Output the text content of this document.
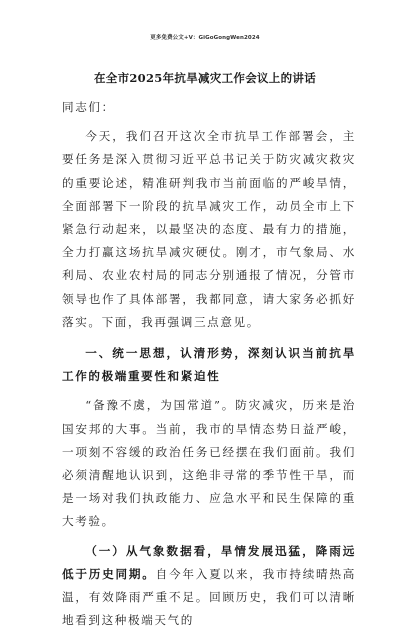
更多免费公文+V：GiGoGongWen2024
在全市2025年抗旱减灾工作会议上的讲话

同志们：

今天，我们召开这次全市抗旱工作部署会，主要任务是深入贯彻习近平总书记关于防灾减灾救灾的重要论述，精准研判我市当前面临的严峻旱情，全面部署下一阶段的抗旱减灾工作，动员全市上下紧急行动起来，以最坚决的态度、最有力的措施，全力打赢这场抗旱减灾硬仗。刚才，市气象局、水利局、农业农村局的同志分别通报了情况，分管市领导也作了具体部署，我都同意，请大家务必抓好落实。下面，我再强调三点意见。

一、统一思想，认清形势，深刻认识当前抗旱工作的极端重要性和紧迫性

“备豫不虞，为国常道”。防灾减灾，历来是治国安邦的大事。当前，我市的旱情态势日益严峻，一项刻不容缓的政治任务已经摆在我们面前。我们必须清醒地认识到，这绝非寻常的季节性干旱，而是一场对我们执政能力、应急水平和民生保障的重大考验。

（一）从气象数据看，旱情发展迅猛，降雨远低于历史同期。自今年入夏以来，我市持续晴热高温，有效降雨严重不足。回顾历史，我们可以清晰地看到这种极端天气的
